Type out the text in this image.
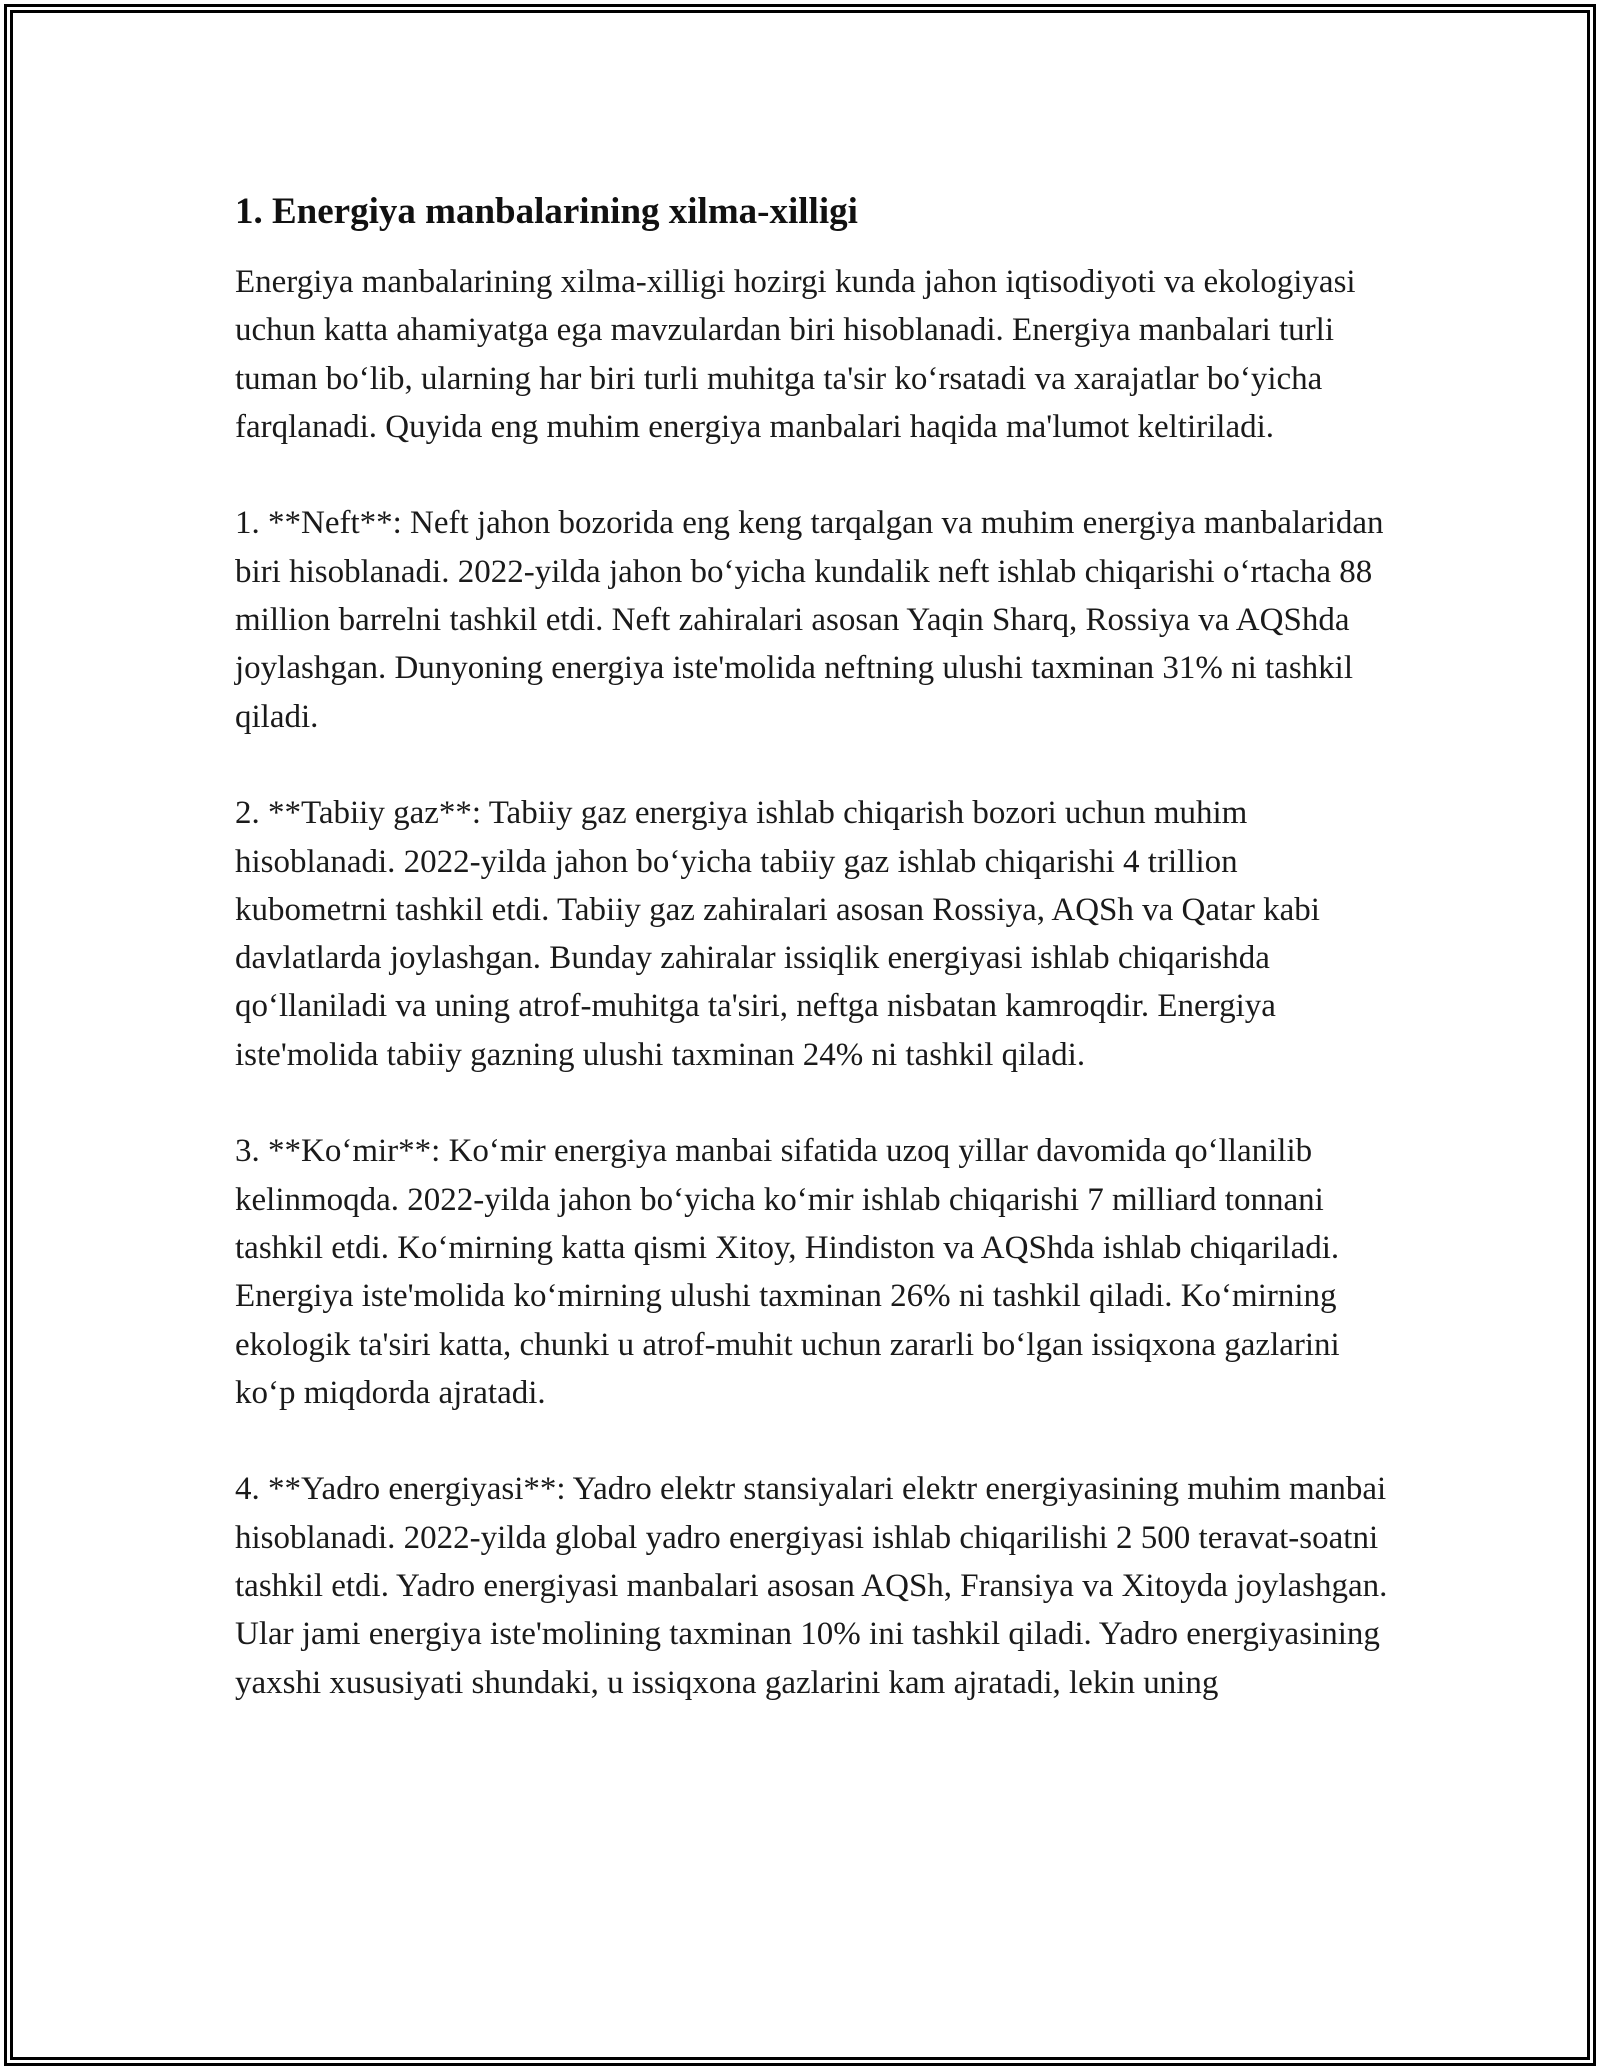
1. Energiya manbalarining xilma-xilligi

Energiya manbalarining xilma-xilligi hozirgi kunda jahon iqtisodiyoti va ekologiyasi uchun katta ahamiyatga ega mavzulardan biri hisoblanadi. Energiya manbalari turli tuman boʻlib, ularning har biri turli muhitga ta'sir koʻrsatadi va xarajatlar boʻyicha farqlanadi. Quyida eng muhim energiya manbalari haqida ma'lumot keltiriladi.

1. **Neft**: Neft jahon bozorida eng keng tarqalgan va muhim energiya manbalaridan biri hisoblanadi. 2022-yilda jahon boʻyicha kundalik neft ishlab chiqarishi oʻrtacha 88 million barrelni tashkil etdi. Neft zahiralari asosan Yaqin Sharq, Rossiya va AQShda joylashgan. Dunyoning energiya iste'molida neftning ulushi taxminan 31% ni tashkil qiladi.

2. **Tabiiy gaz**: Tabiiy gaz energiya ishlab chiqarish bozori uchun muhim hisoblanadi. 2022-yilda jahon boʻyicha tabiiy gaz ishlab chiqarishi 4 trillion kubometrni tashkil etdi. Tabiiy gaz zahiralari asosan Rossiya, AQSh va Qatar kabi davlatlarda joylashgan. Bunday zahiralar issiqlik energiyasi ishlab chiqarishda qoʻllaniladi va uning atrof-muhitga ta'siri, neftga nisbatan kamroqdir. Energiya iste'molida tabiiy gazning ulushi taxminan 24% ni tashkil qiladi.

3. **Koʻmir**: Koʻmir energiya manbai sifatida uzoq yillar davomida qoʻllanilib kelinmoqda. 2022-yilda jahon boʻyicha koʻmir ishlab chiqarishi 7 milliard tonnani tashkil etdi. Koʻmirning katta qismi Xitoy, Hindiston va AQShda ishlab chiqariladi. Energiya iste'molida koʻmirning ulushi taxminan 26% ni tashkil qiladi. Koʻmirning ekologik ta'siri katta, chunki u atrof-muhit uchun zararli boʻlgan issiqxona gazlarini koʻp miqdorda ajratadi.

4. **Yadro energiyasi**: Yadro elektr stansiyalari elektr energiyasining muhim manbai hisoblanadi. 2022-yilda global yadro energiyasi ishlab chiqarilishi 2 500 teravat-soatni tashkil etdi. Yadro energiyasi manbalari asosan AQSh, Fransiya va Xitoyda joylashgan. Ular jami energiya iste'molining taxminan 10% ini tashkil qiladi. Yadro energiyasining yaxshi xususiyati shundaki, u issiqxona gazlarini kam ajratadi, lekin uning
